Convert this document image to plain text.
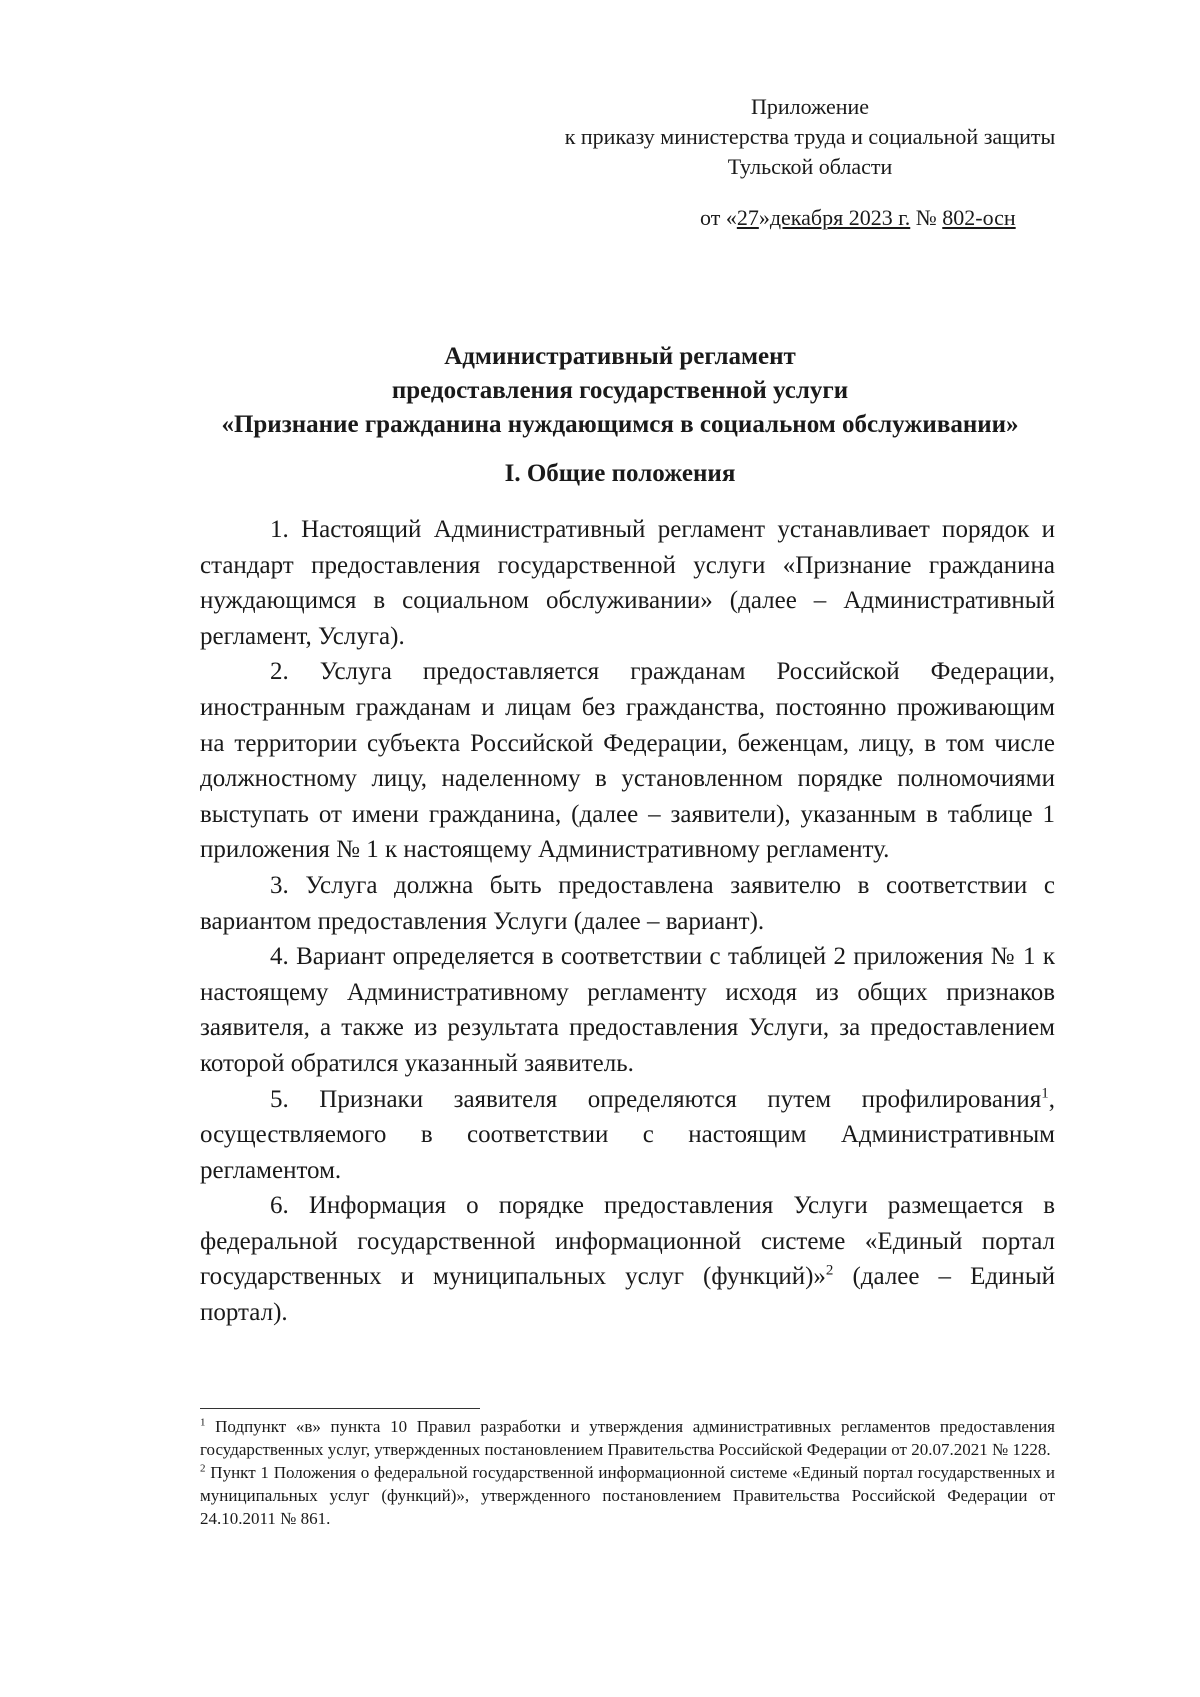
Приложение
к приказу министерства труда и социальной защиты
Тульской области
от «27»декабря 2023 г. № 802-осн
Административный регламент
предоставления государственной услуги
«Признание гражданина нуждающимся в социальном обслуживании»
I. Общие положения

1. Настоящий Административный регламент устанавливает порядок и стандарт предоставления государственной услуги «Признание гражданина нуждающимся в социальном обслуживании» (далее – Административный регламент, Услуга).

2. Услуга предоставляется гражданам Российской Федерации, иностранным гражданам и лицам без гражданства, постоянно проживающим на территории субъекта Российской Федерации, беженцам, лицу, в том числе должностному лицу, наделенному в установленном порядке полномочиями выступать от имени гражданина, (далее – заявители), указанным в таблице 1 приложения № 1 к настоящему Административному регламенту.

3. Услуга должна быть предоставлена заявителю в соответствии с вариантом предоставления Услуги (далее – вариант).

4. Вариант определяется в соответствии с таблицей 2 приложения № 1 к настоящему Административному регламенту исходя из общих признаков заявителя, а также из результата предоставления Услуги, за предоставлением которой обратился указанный заявитель.

5. Признаки заявителя определяются путем профилирования$^1$, осуществляемого в соответствии с настоящим Административным регламентом.

6. Информация о порядке предоставления Услуги размещается в федеральной государственной информационной системе «Единый портал государственных и муниципальных услуг (функций)»$^2$ (далее – Единый портал).

$^1$ Подпункт «в» пункта 10 Правил разработки и утверждения административных регламентов предоставления государственных услуг, утвержденных постановлением Правительства Российской Федерации от 20.07.2021 № 1228.

$^2$ Пункт 1 Положения о федеральной государственной информационной системе «Единый портал государственных и муниципальных услуг (функций)», утвержденного постановлением Правительства Российской Федерации от 24.10.2011 № 861.
